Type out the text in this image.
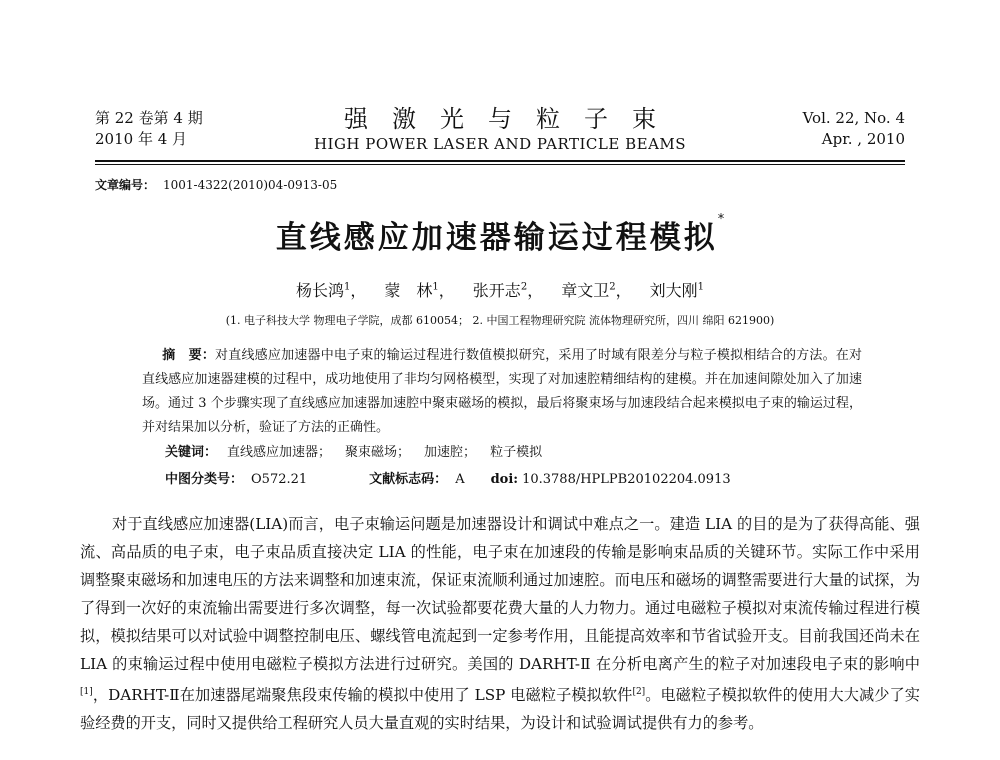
第 22 卷第 4 期
2010 年 4 月
强激光与粒子束
HIGH POWER LASER AND PARTICLE BEAMS
Vol. 22, No. 4
Apr. , 2010
文章编号： 1001-4322(2010)04-0913-05
直线感应加速器输运过程模拟*
杨长鸿$^1$， 蒙　林$^1$， 张开志$^2$， 章文卫$^2$， 刘大刚$^1$
(1. 电子科技大学 物理电子学院，成都 610054； 2. 中国工程物理研究院 流体物理研究所，四川 绵阳 621900)
摘　要：对直线感应加速器中电子束的输运过程进行数值模拟研究，采用了时域有限差分与粒子模拟相结合的方法。在对直线感应加速器建模的过程中，成功地使用了非均匀网格模型，实现了对加速腔精细结构的建模。并在加速间隙处加入了加速场。通过 3 个步骤实现了直线感应加速器加速腔中聚束磁场的模拟，最后将聚束场与加速段结合起来模拟电子束的输运过程，并对结果加以分析，验证了方法的正确性。
关键词： 直线感应加速器； 聚束磁场； 加速腔； 粒子模拟
中图分类号： O572.21	文献标志码： A doi: 10.3788/HPLPB20102204.0913

对于直线感应加速器(LIA)而言，电子束输运问题是加速器设计和调试中难点之一。建造 LIA 的目的是为了获得高能、强流、高品质的电子束，电子束品质直接决定 LIA 的性能，电子束在加速段的传输是影响束品质的关键环节。实际工作中采用调整聚束磁场和加速电压的方法来调整和加速束流，保证束流顺利通过加速腔。而电压和磁场的调整需要进行大量的试探，为了得到一次好的束流输出需要进行多次调整，每一次试验都要花费大量的人力物力。通过电磁粒子模拟对束流传输过程进行模拟，模拟结果可以对试验中调整控制电压、螺线管电流起到一定参考作用，且能提高效率和节省试验开支。目前我国还尚未在 LIA 的束输运过程中使用电磁粒子模拟方法进行过研究。美国的 DARHT-Ⅱ 在分析电离产生的粒子对加速段电子束的影响中[1]，DARHT-Ⅱ在加速器尾端聚焦段束传输的模拟中使用了 LSP 电磁粒子模拟软件[2]。电磁粒子模拟软件的使用大大减少了实验经费的开支，同时又提供给工程研究人员大量直观的实时结果，为设计和试验调试提供有力的参考。
